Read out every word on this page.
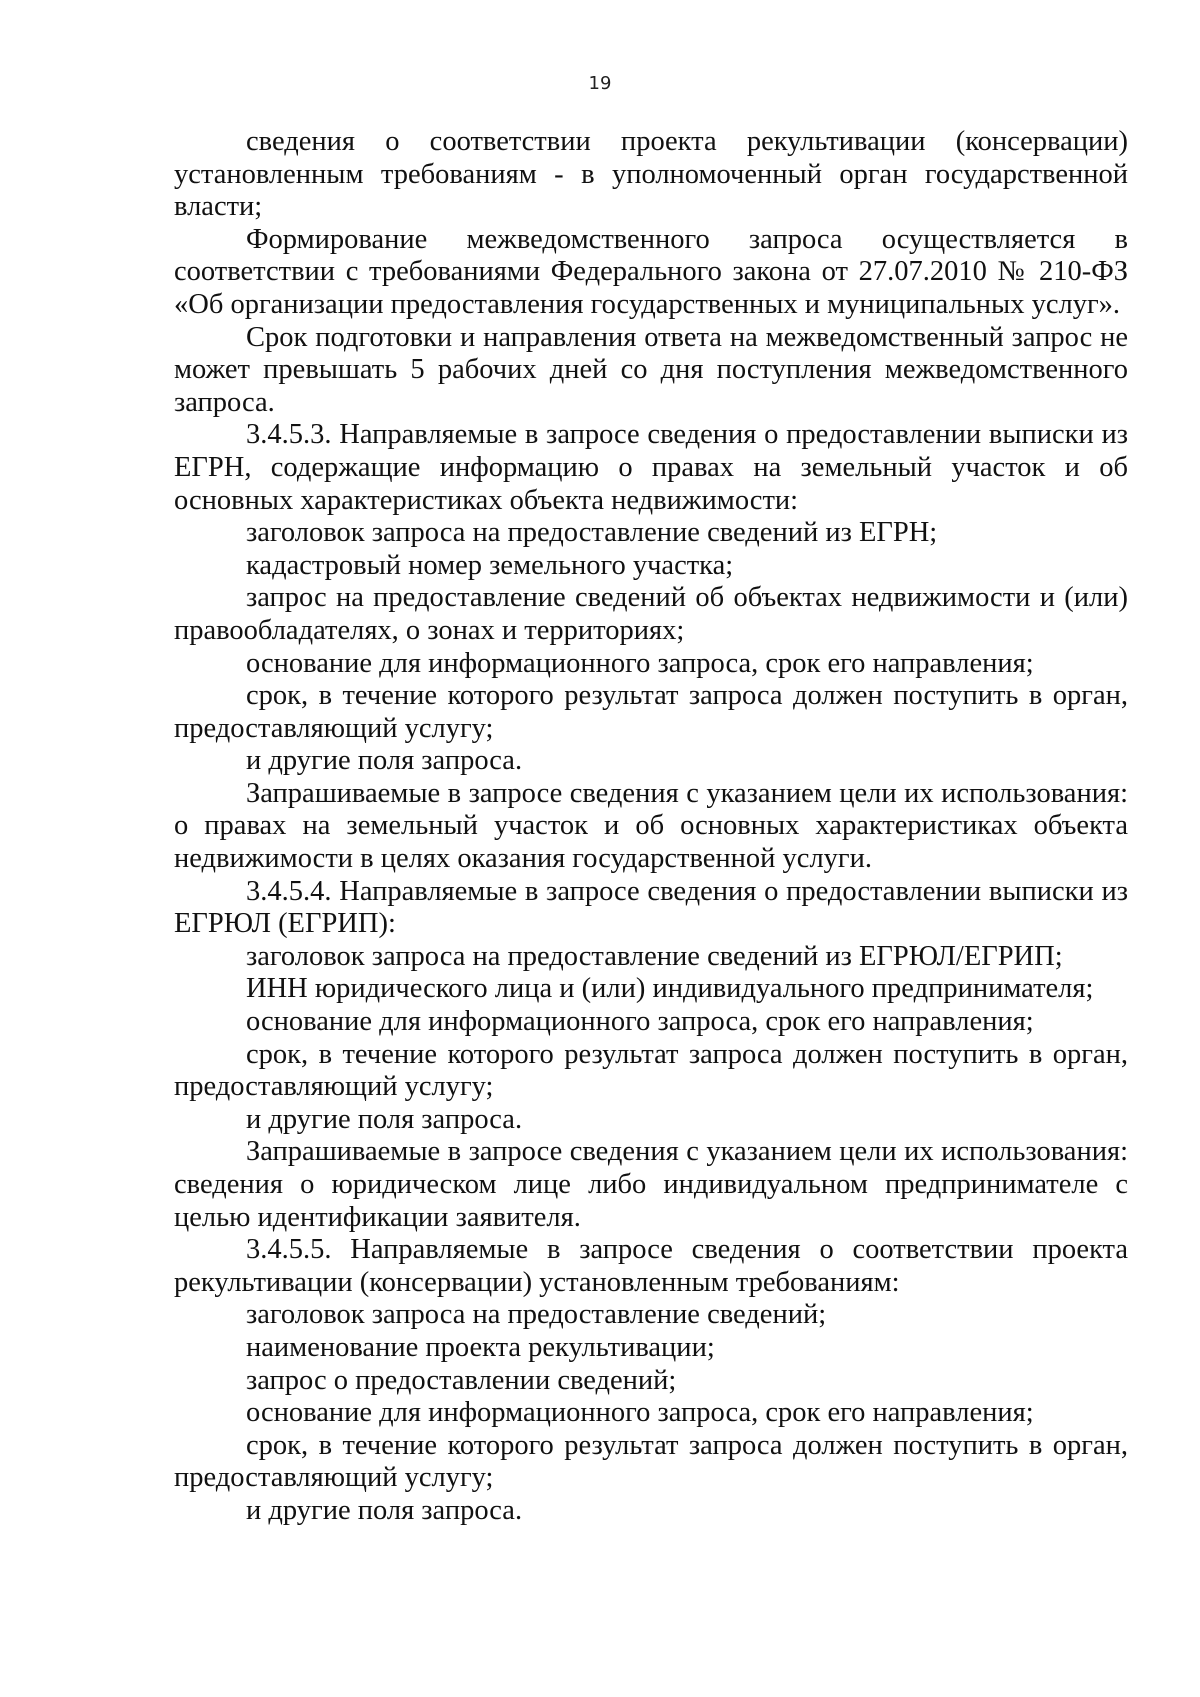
19

сведения о соответствии проекта рекультивации (консервации) установленным требованиям - в уполномоченный орган государственной власти;

Формирование межведомственного запроса осуществляется в соответствии с требованиями Федерального закона от 27.07.2010 № 210-ФЗ «Об организации предоставления государственных и муниципальных услуг».

Срок подготовки и направления ответа на межведомственный запрос не может превышать 5 рабочих дней со дня поступления межведомственного запроса.

3.4.5.3. Направляемые в запросе сведения о предоставлении выписки из ЕГРН, содержащие информацию о правах на земельный участок и об основных характеристиках объекта недвижимости:

заголовок запроса на предоставление сведений из ЕГРН;

кадастровый номер земельного участка;

запрос на предоставление сведений об объектах недвижимости и (или) правообладателях, о зонах и территориях;

основание для информационного запроса, срок его направления;

срок, в течение которого результат запроса должен поступить в орган, предоставляющий услугу;

и другие поля запроса.

Запрашиваемые в запросе сведения с указанием цели их использования: о правах на земельный участок и об основных характеристиках объекта недвижимости в целях оказания государственной услуги.

3.4.5.4. Направляемые в запросе сведения о предоставлении выписки из ЕГРЮЛ (ЕГРИП):

заголовок запроса на предоставление сведений из ЕГРЮЛ/ЕГРИП;

ИНН юридического лица и (или) индивидуального предпринимателя;

основание для информационного запроса, срок его направления;

срок, в течение которого результат запроса должен поступить в орган, предоставляющий услугу;

и другие поля запроса.

Запрашиваемые в запросе сведения с указанием цели их использования: сведения о юридическом лице либо индивидуальном предпринимателе с целью идентификации заявителя.

3.4.5.5. Направляемые в запросе сведения о соответствии проекта рекультивации (консервации) установленным требованиям:

заголовок запроса на предоставление сведений;

наименование проекта рекультивации;

запрос о предоставлении сведений;

основание для информационного запроса, срок его направления;

срок, в течение которого результат запроса должен поступить в орган, предоставляющий услугу;

и другие поля запроса.
